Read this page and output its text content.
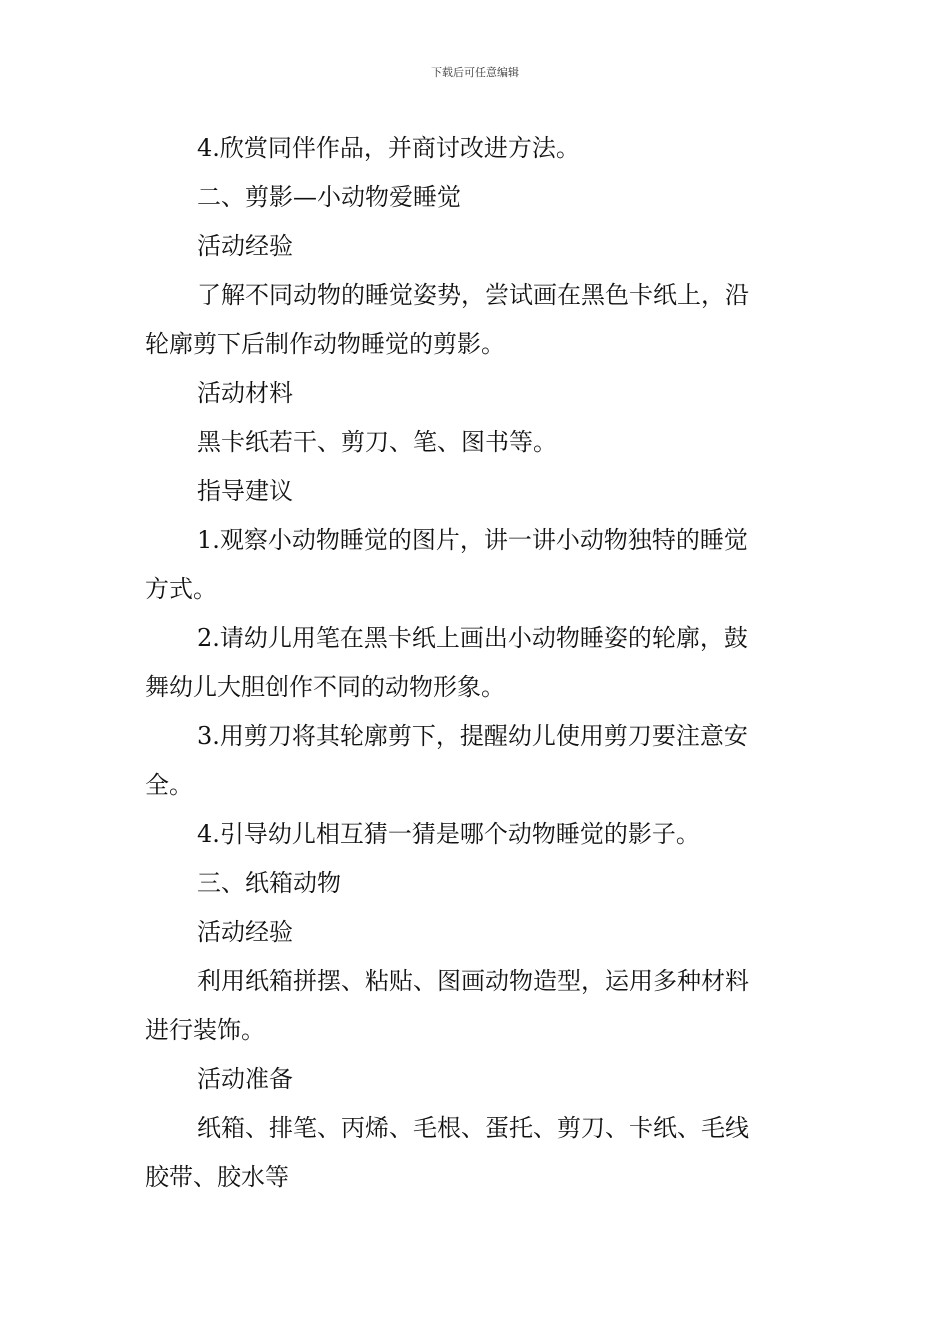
下载后可任意编辑

4.欣赏同伴作品，并商讨改进方法。

二、剪影—小动物爱睡觉

活动经验

了解不同动物的睡觉姿势，尝试画在黑色卡纸上，沿

轮廓剪下后制作动物睡觉的剪影。

活动材料

黑卡纸若干、剪刀、笔、图书等。

指导建议

1.观察小动物睡觉的图片，讲一讲小动物独特的睡觉

方式。

2.请幼儿用笔在黑卡纸上画出小动物睡姿的轮廓，鼓

舞幼儿大胆创作不同的动物形象。

3.用剪刀将其轮廓剪下，提醒幼儿使用剪刀要注意安

全。

4.引导幼儿相互猜一猜是哪个动物睡觉的影子。

三、纸箱动物

活动经验

利用纸箱拼摆、粘贴、图画动物造型，运用多种材料

进行装饰。

活动准备

纸箱、排笔、丙烯、毛根、蛋托、剪刀、卡纸、毛线

胶带、胶水等
